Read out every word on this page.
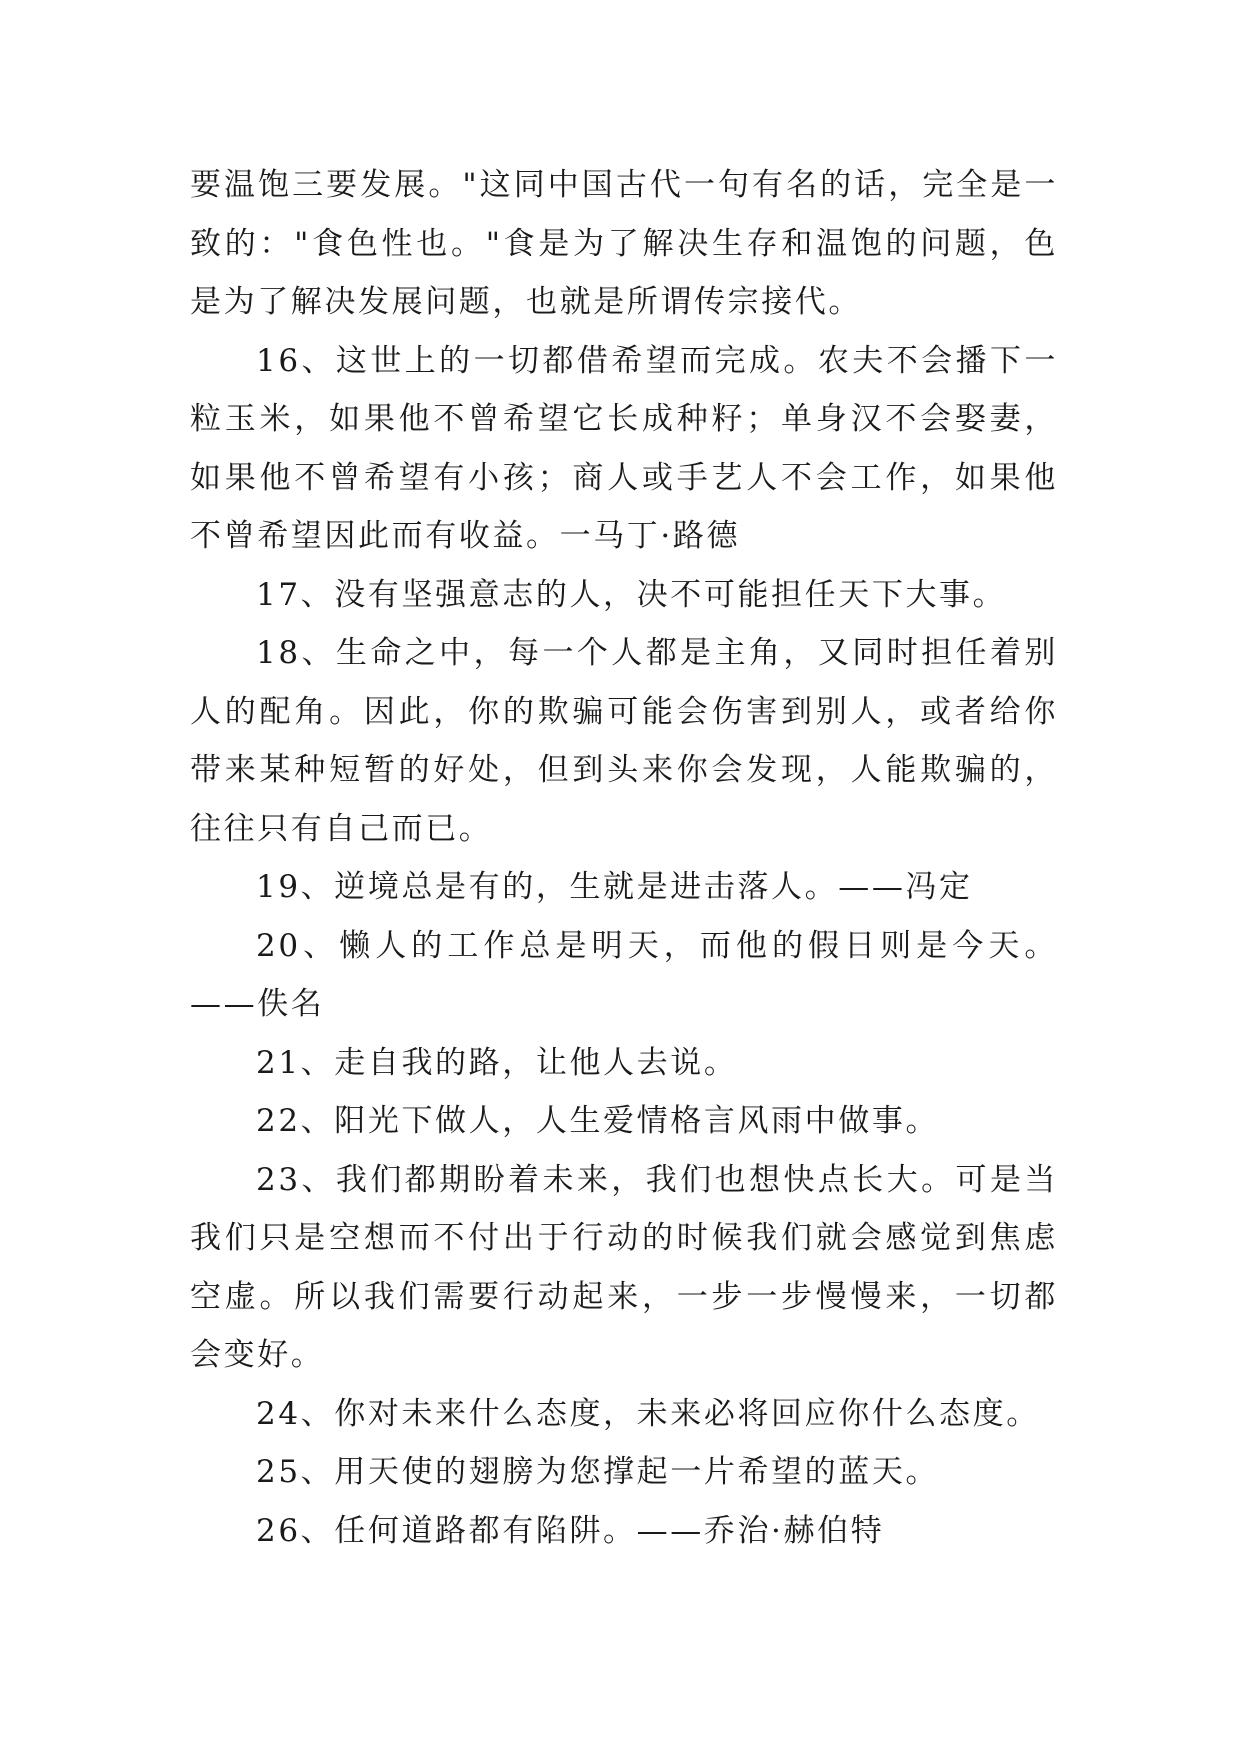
要温饱三要发展。"这同中国古代一句有名的话，完全是一致的："食色性也。"食是为了解决生存和温饱的问题，色是为了解决发展问题，也就是所谓传宗接代。

16、这世上的一切都借希望而完成。农夫不会播下一粒玉米，如果他不曾希望它长成种籽；单身汉不会娶妻，如果他不曾希望有小孩；商人或手艺人不会工作，如果他不曾希望因此而有收益。一马丁·路德

17、没有坚强意志的人，决不可能担任天下大事。

18、生命之中，每一个人都是主角，又同时担任着别人的配角。因此，你的欺骗可能会伤害到别人，或者给你带来某种短暂的好处，但到头来你会发现，人能欺骗的，往往只有自己而已。

19、逆境总是有的，生就是进击落人。——冯定

20、懒人的工作总是明天，而他的假日则是今天。——佚名

21、走自我的路，让他人去说。

22、阳光下做人，人生爱情格言风雨中做事。

23、我们都期盼着未来，我们也想快点长大。可是当我们只是空想而不付出于行动的时候我们就会感觉到焦虑空虚。所以我们需要行动起来，一步一步慢慢来，一切都会变好。

24、你对未来什么态度，未来必将回应你什么态度。

25、用天使的翅膀为您撑起一片希望的蓝天。

26、任何道路都有陷阱。——乔治·赫伯特
